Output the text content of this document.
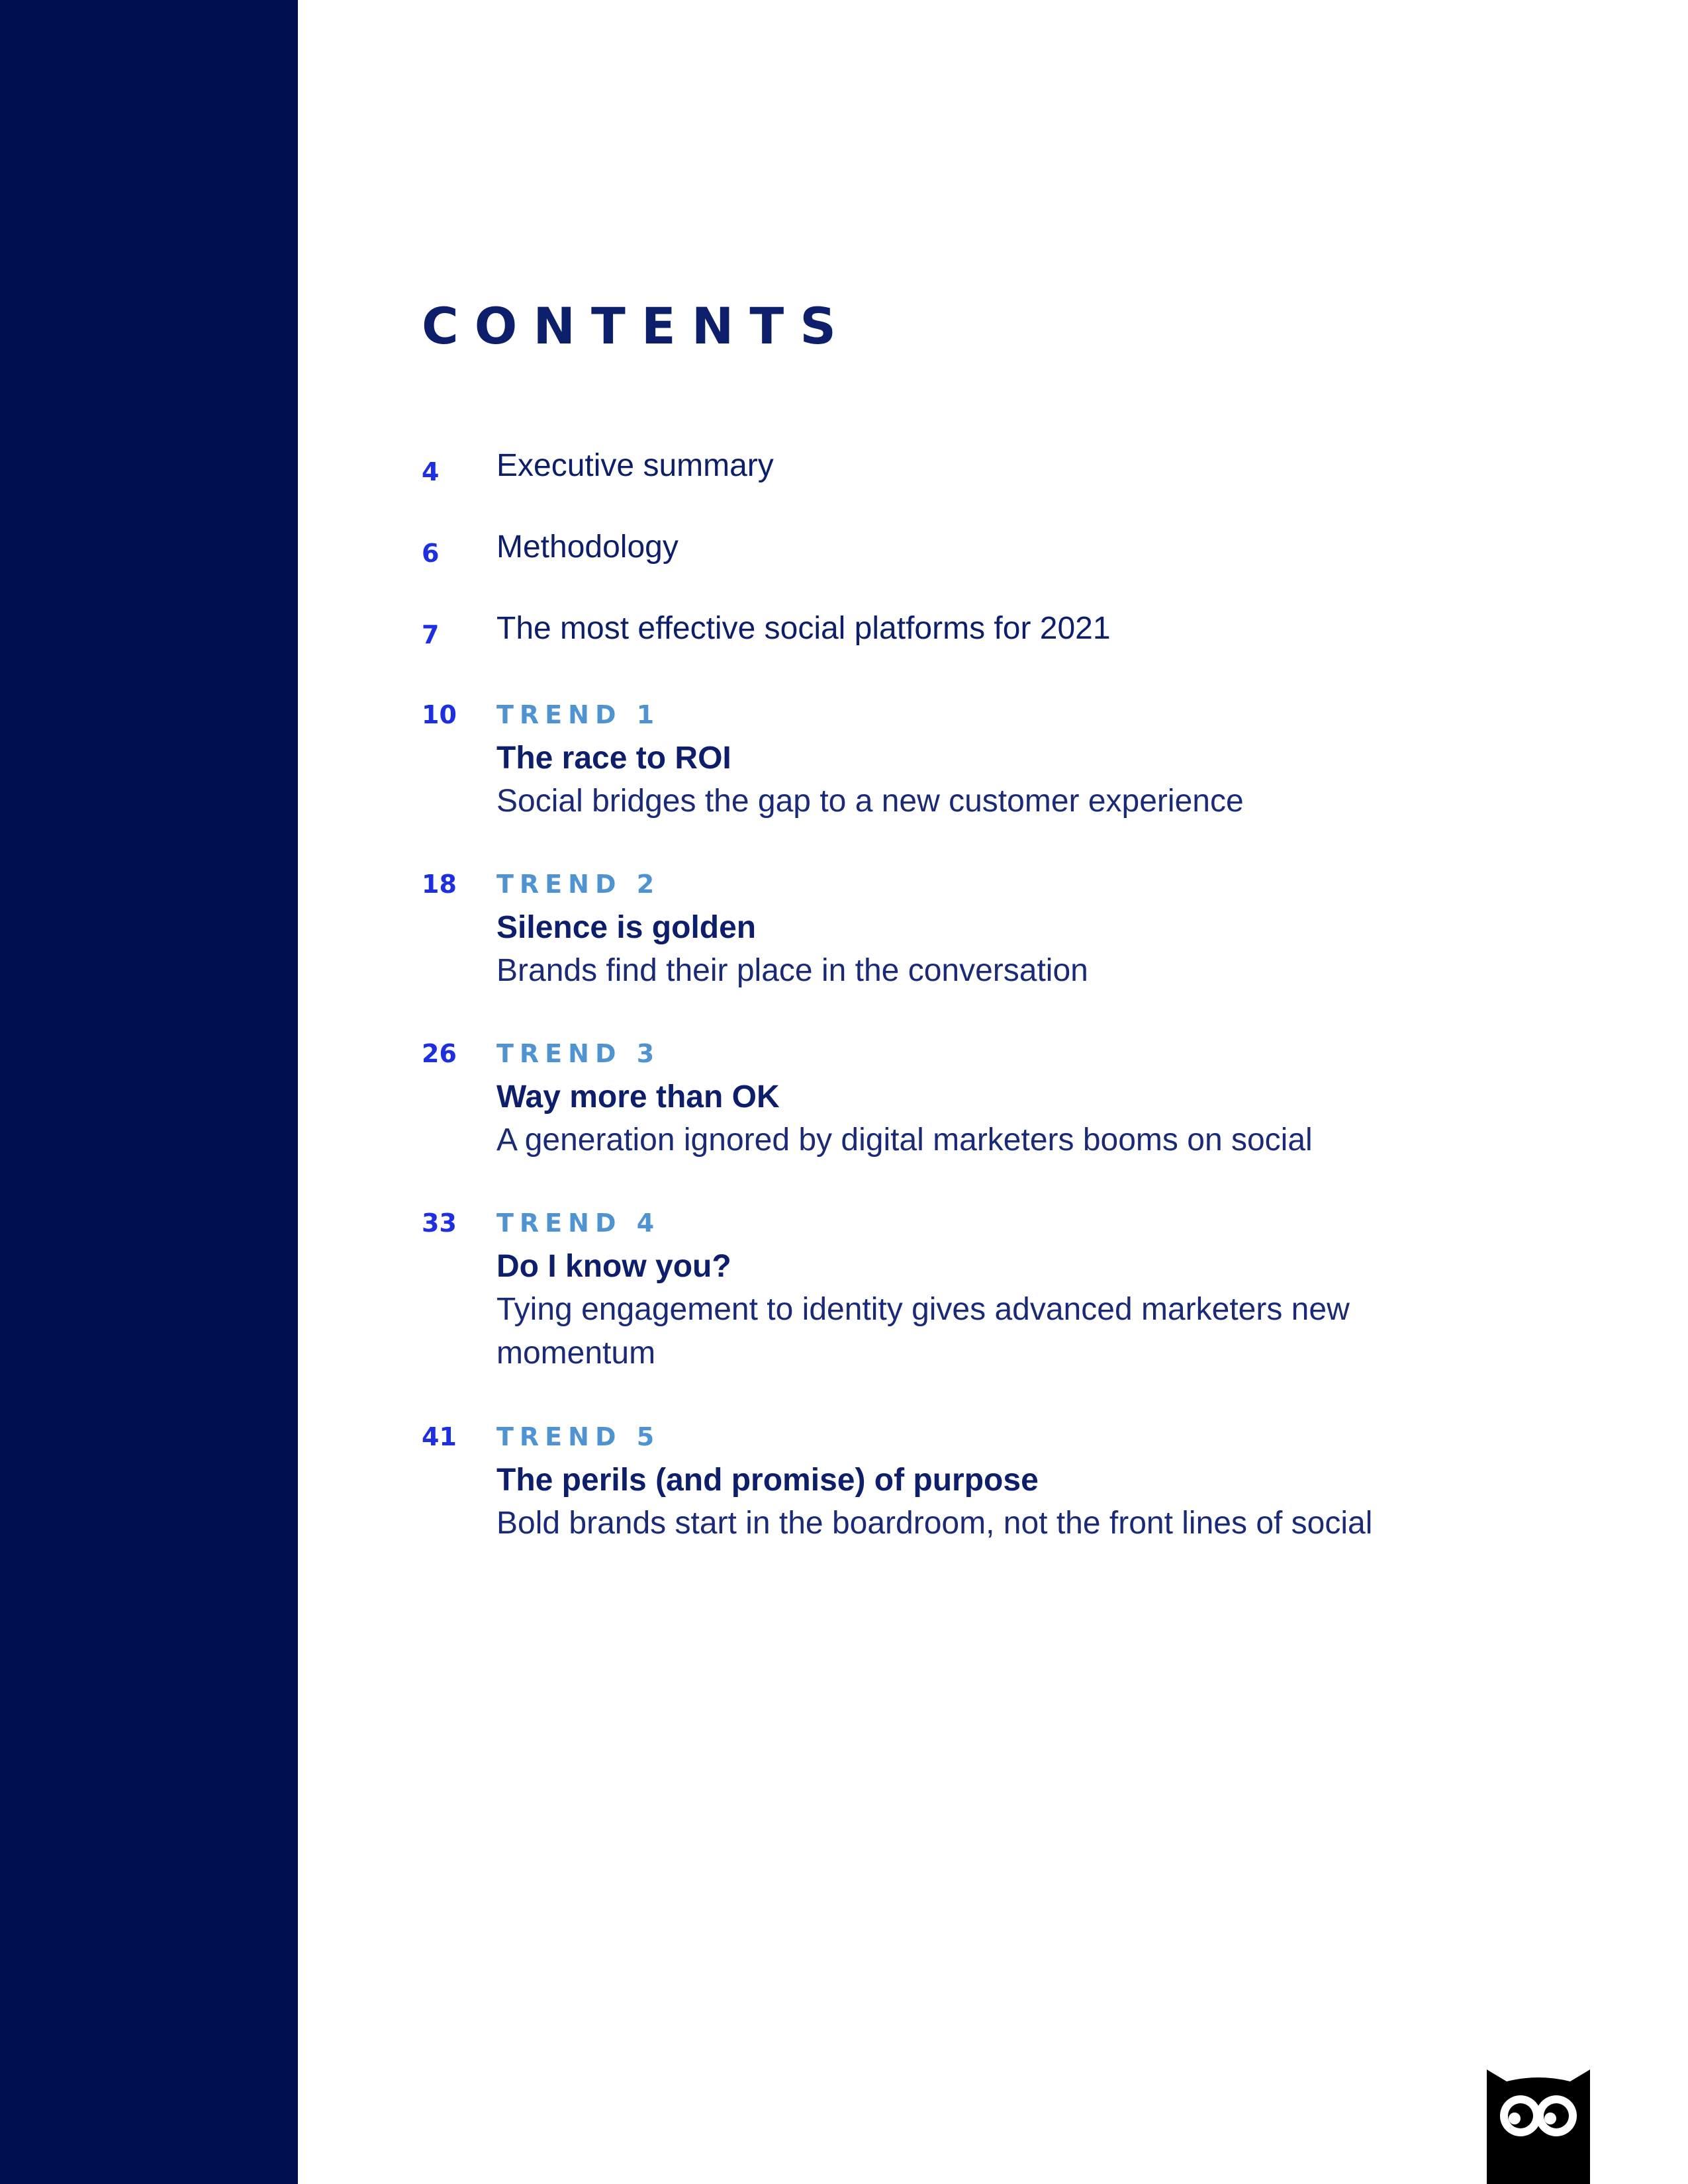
CONTENTS
4 Executive summary
6 Methodology
7 The most effective social platforms for 2021
10 TREND 1
The race to ROI
Social bridges the gap to a new customer experience
18 TREND 2
Silence is golden
Brands find their place in the conversation
26 TREND 3
Way more than OK
A generation ignored by digital marketers booms on social
33 TREND 4
Do I know you?
Tying engagement to identity gives advanced marketers new momentum
41 TREND 5
The perils (and promise) of purpose
Bold brands start in the boardroom, not the front lines of social
